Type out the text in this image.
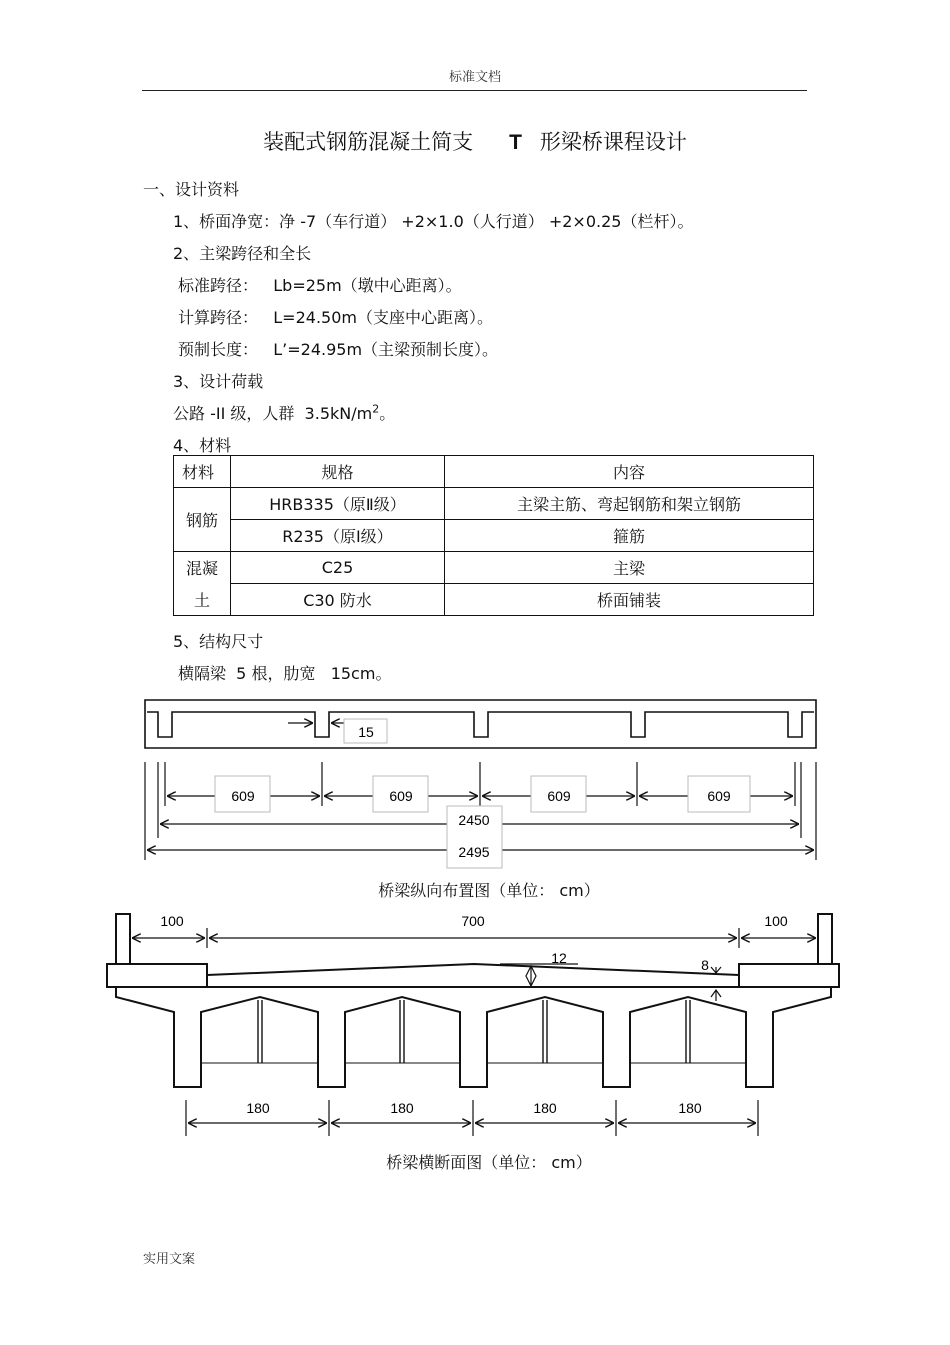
标准文档
装配式钢筋混凝土简支 T 形梁桥课程设计
一、设计资料
1、桥面净宽：净 -7（车行道） +2×1.0（人行道） +2×0.25（栏杆）。
2、主梁跨径和全长
标准跨径：   Lb=25m（墩中心距离）。
计算跨径：   L=24.50m（支座中心距离）。
预制长度：   L’=24.95m（主梁预制长度）。
3、设计荷载
公路 -II 级，人群  $3.5kN/m^2$。
4、材料
材料	规格	内容
钢筋	HRB335（原Ⅱ级）	主梁主筋、弯起钢筋和架立钢筋
	R235（原Ⅰ级）	箍筋
混凝	C25	主梁
土	C30 防水	桥面铺装
5、结构尺寸
横隔梁  5 根，肋宽   15cm。
15
609	609	609	609
2450
2495
桥梁纵向布置图（单位： cm）
100	700	100
12	8
180	180	180	180
桥梁横断面图（单位： cm）
实用文案
